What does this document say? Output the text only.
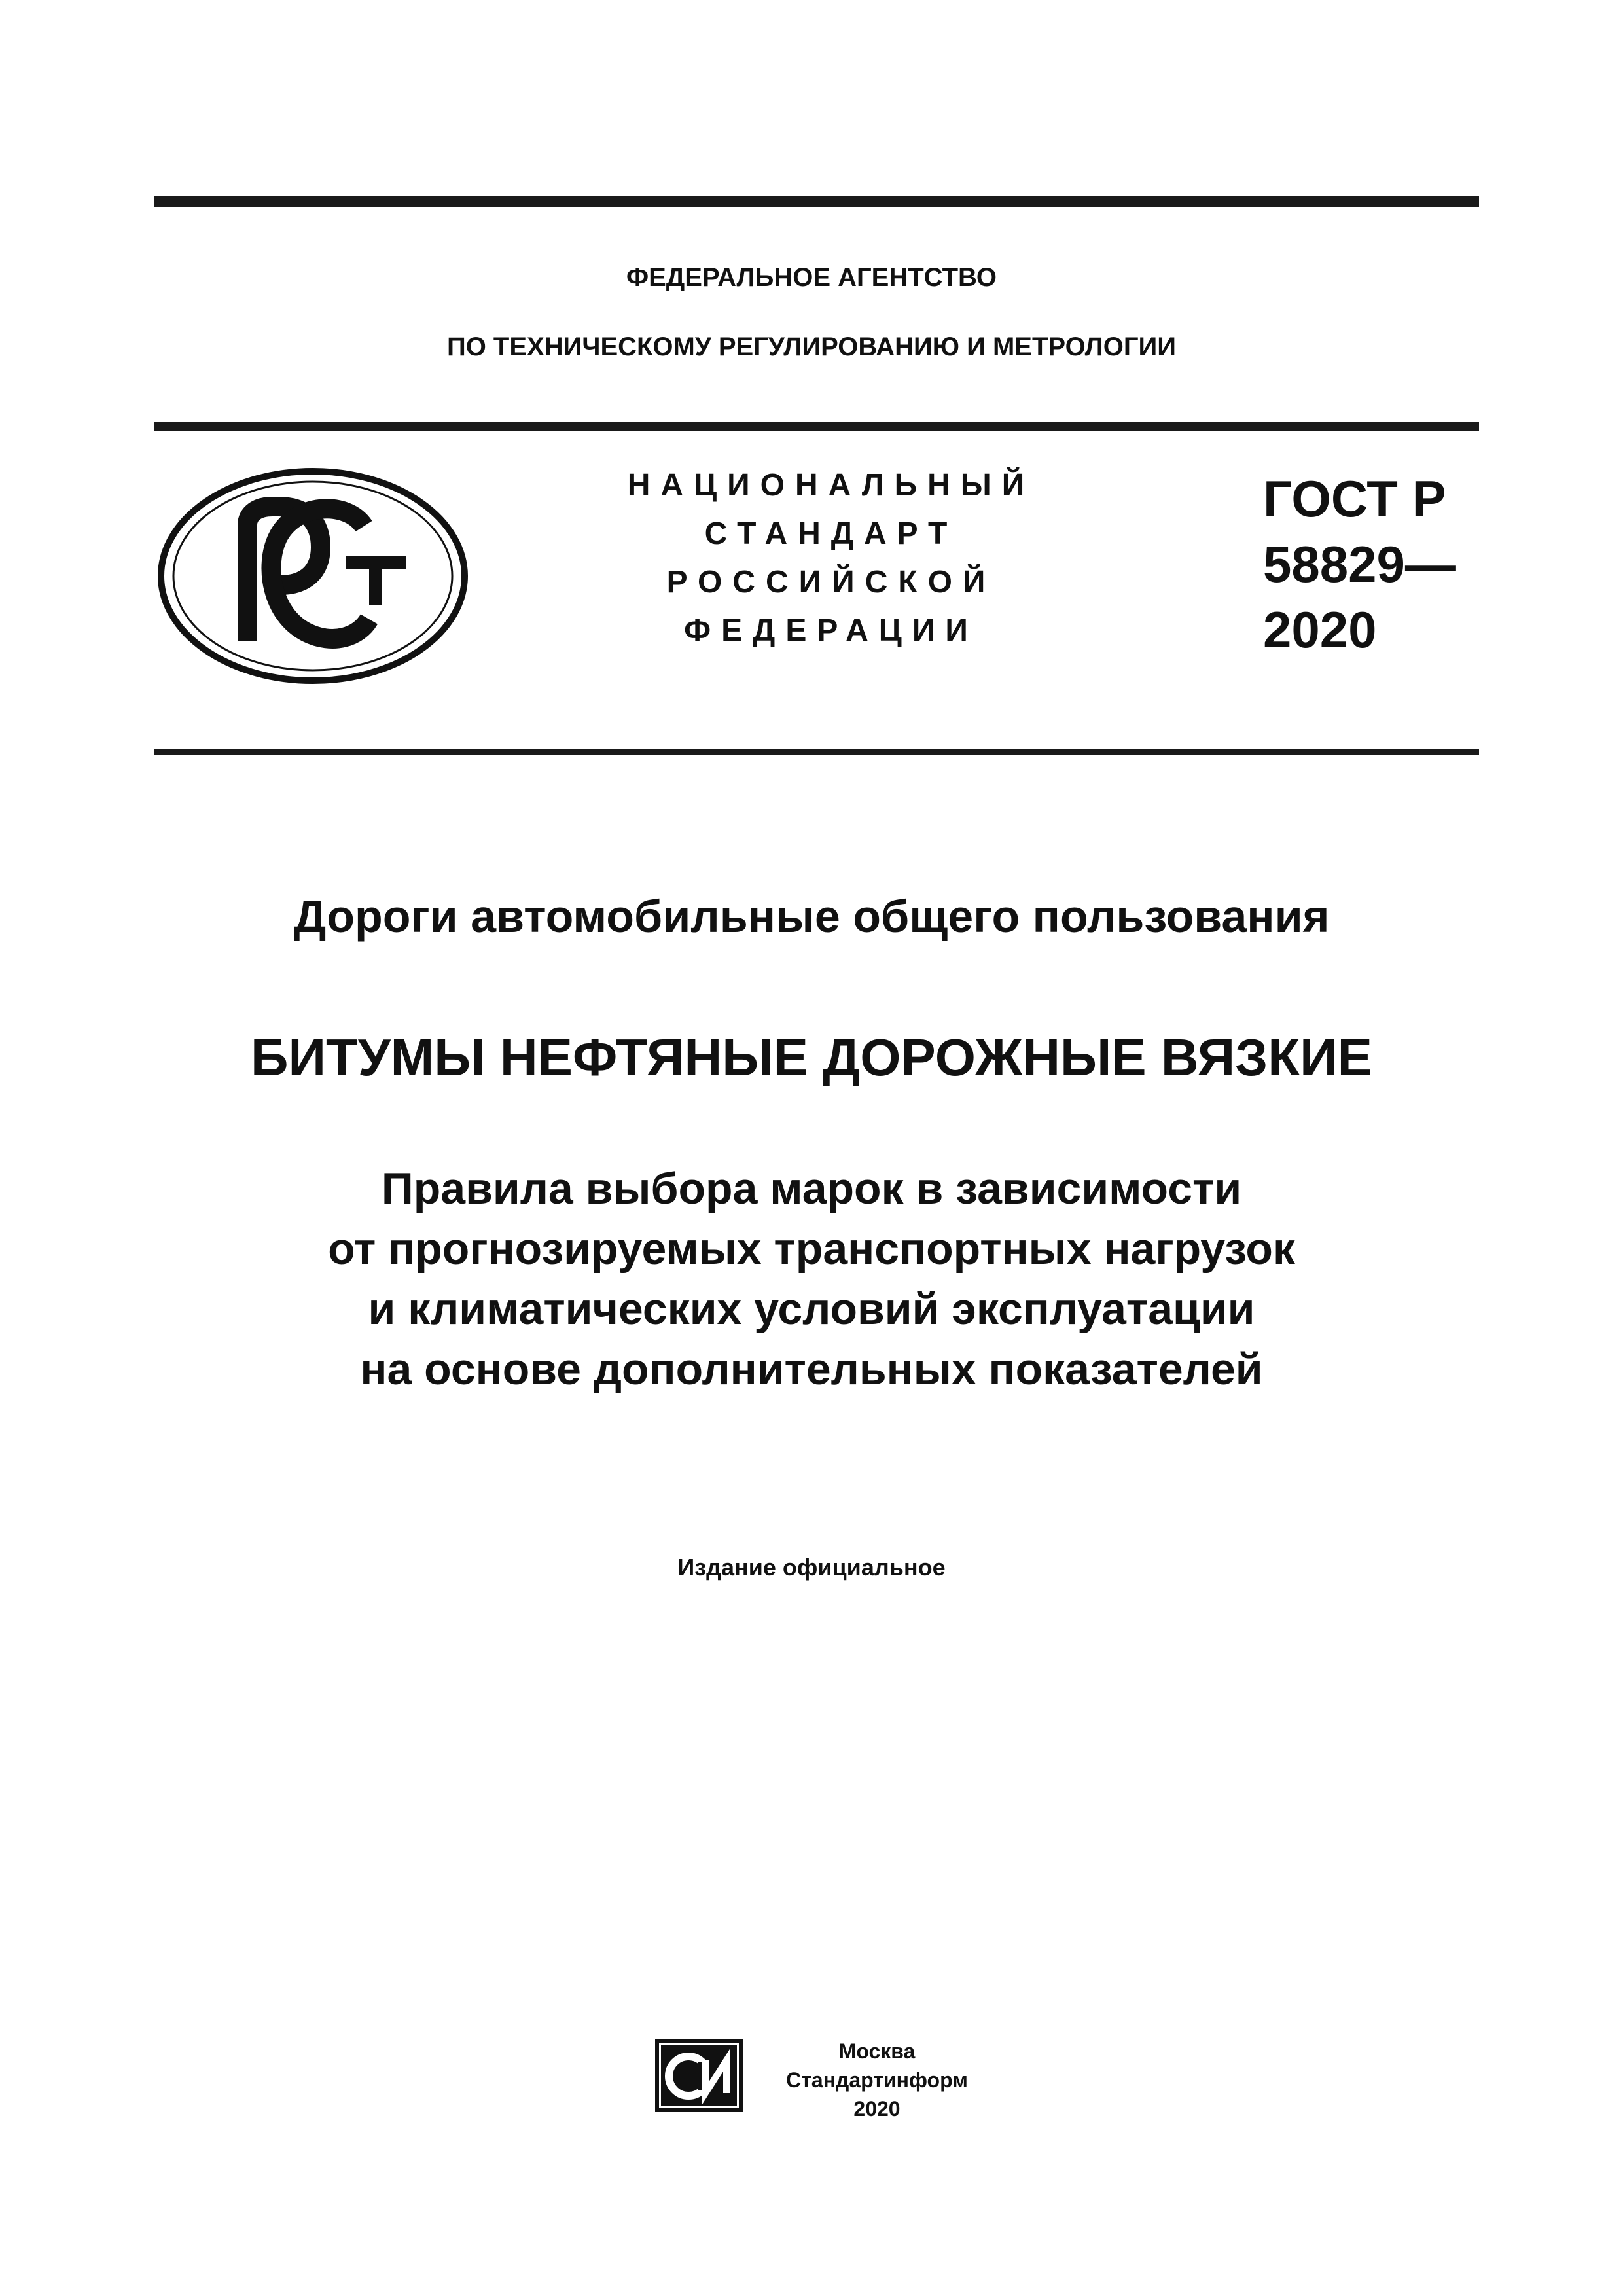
ФЕДЕРАЛЬНОЕ АГЕНТСТВО
ПО ТЕХНИЧЕСКОМУ РЕГУЛИРОВАНИЮ И МЕТРОЛОГИИ
НАЦИОНАЛЬНЫЙ
СТАНДАРТ
РОССИЙСКОЙ
ФЕДЕРАЦИИ
ГОСТ Р
58829—
2020
Дороги автомобильные общего пользования
БИТУМЫ НЕФТЯНЫЕ ДОРОЖНЫЕ ВЯЗКИЕ
Правила выбора марок в зависимости
от прогнозируемых транспортных нагрузок
и климатических условий эксплуатации
на основе дополнительных показателей
Издание официальное
Москва
Стандартинформ
2020
